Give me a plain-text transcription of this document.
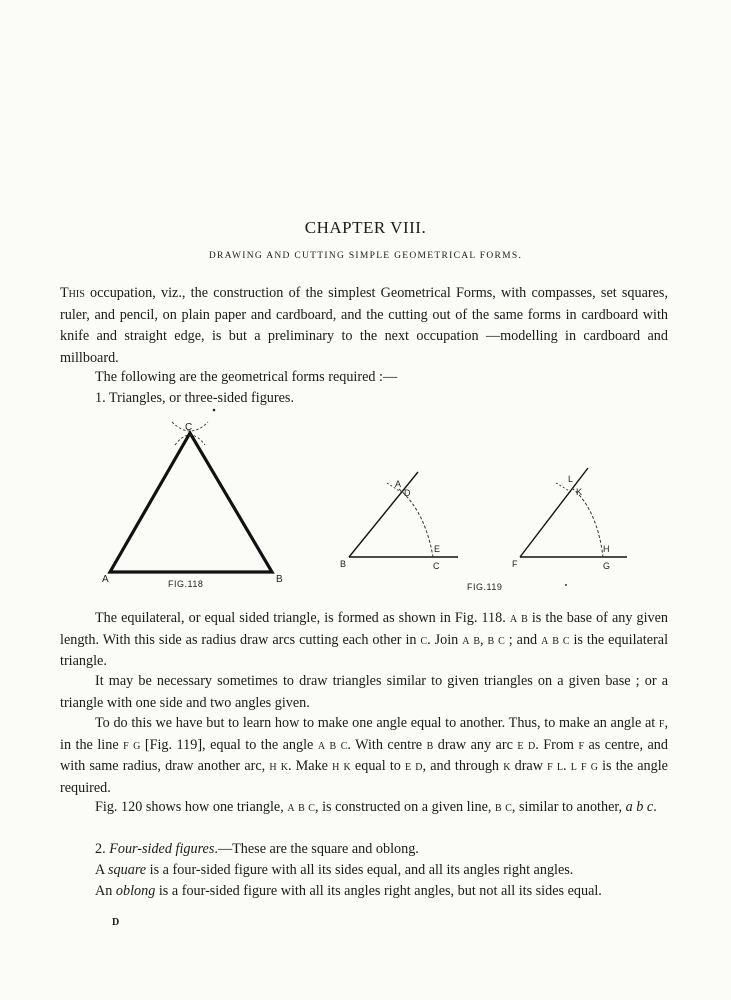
CHAPTER VIII.
DRAWING AND CUTTING SIMPLE GEOMETRICAL FORMS.
This occupation, viz., the construction of the simplest Geometrical Forms, with compasses, set squares, ruler, and pencil, on plain paper and cardboard, and the cutting out of the same forms in cardboard with knife and straight edge, is but a preliminary to the next occupation —modelling in cardboard and millboard.
The following are the geometrical forms required :—
1. Triangles, or three-sided figures.
C
A	B
FIG.118
A
D
E
B	C
L
K
H
F	G
FIG.119
The equilateral, or equal sided triangle, is formed as shown in Fig. 118. a b is the base of any given length. With this side as radius draw arcs cutting each other in c. Join a b, b c ; and a b c is the equilateral triangle.
It may be necessary sometimes to draw triangles similar to given triangles on a given base ; or a triangle with one side and two angles given.
To do this we have but to learn how to make one angle equal to another. Thus, to make an angle at f, in the line f g [Fig. 119], equal to the angle a b c. With centre b draw any arc e d. From f as centre, and with same radius, draw another arc, h k. Make h k equal to e d, and through k draw f l. l f g is the angle required.
Fig. 120 shows how one triangle, a b c, is constructed on a given line, b c, similar to another, a b c.
2. Four-sided figures.—These are the square and oblong.
A square is a four-sided figure with all its sides equal, and all its angles right angles.
An oblong is a four-sided figure with all its angles right angles, but not all its sides equal.
D
